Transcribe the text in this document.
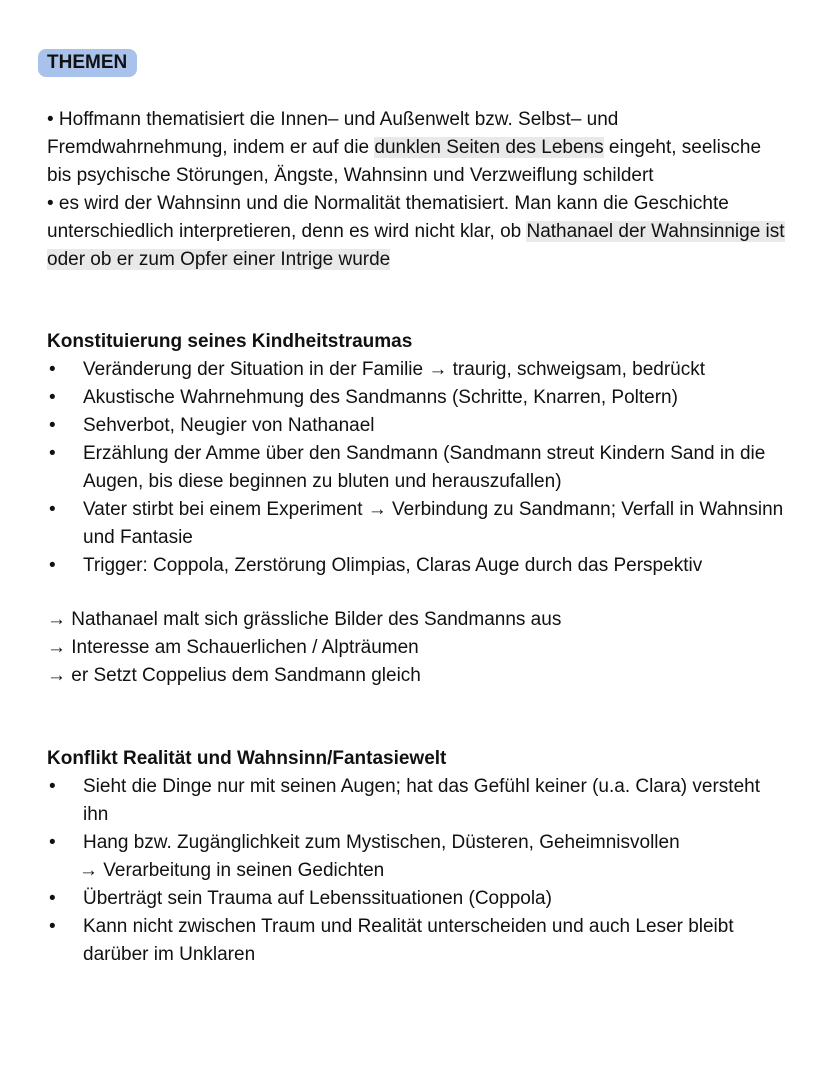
THEMEN

• Hoffmann thematisiert die Innen– und Außenwelt bzw. Selbst– und Fremdwahrnehmung, indem er auf die dunklen Seiten des Lebens eingeht, seelische bis psychische Störungen, Ängste, Wahnsinn und Verzweiflung schildert

• es wird der Wahnsinn und die Normalität thematisiert. Man kann die Geschichte unterschiedlich interpretieren, denn es wird nicht klar, ob Nathanael der Wahnsinnige ist oder ob er zum Opfer einer Intrige wurde

Konstituierung seines Kindheitstraumas
• Veränderung der Situation in der Familie → traurig, schweigsam, bedrückt
• Akustische Wahrnehmung des Sandmanns (Schritte, Knarren, Poltern)
• Sehverbot, Neugier von Nathanael
• Erzählung der Amme über den Sandmann (Sandmann streut Kindern Sand in die Augen, bis diese beginnen zu bluten und herauszufallen)
• Vater stirbt bei einem Experiment → Verbindung zu Sandmann; Verfall in Wahnsinn und Fantasie
• Trigger: Coppola, Zerstörung Olimpias, Claras Auge durch das Perspektiv
→ Nathanael malt sich grässliche Bilder des Sandmanns aus
→ Interesse am Schauerlichen / Alpträumen
→ er Setzt Coppelius dem Sandmann gleich
Konflikt Realität und Wahnsinn/Fantasiewelt
• Sieht die Dinge nur mit seinen Augen; hat das Gefühl keiner (u.a. Clara) versteht ihn
• Hang bzw. Zugänglichkeit zum Mystischen, Düsteren, Geheimnisvollen
→ Verarbeitung in seinen Gedichten
• Überträgt sein Trauma auf Lebenssituationen (Coppola)
• Kann nicht zwischen Traum und Realität unterscheiden und auch Leser bleibt darüber im Unklaren
